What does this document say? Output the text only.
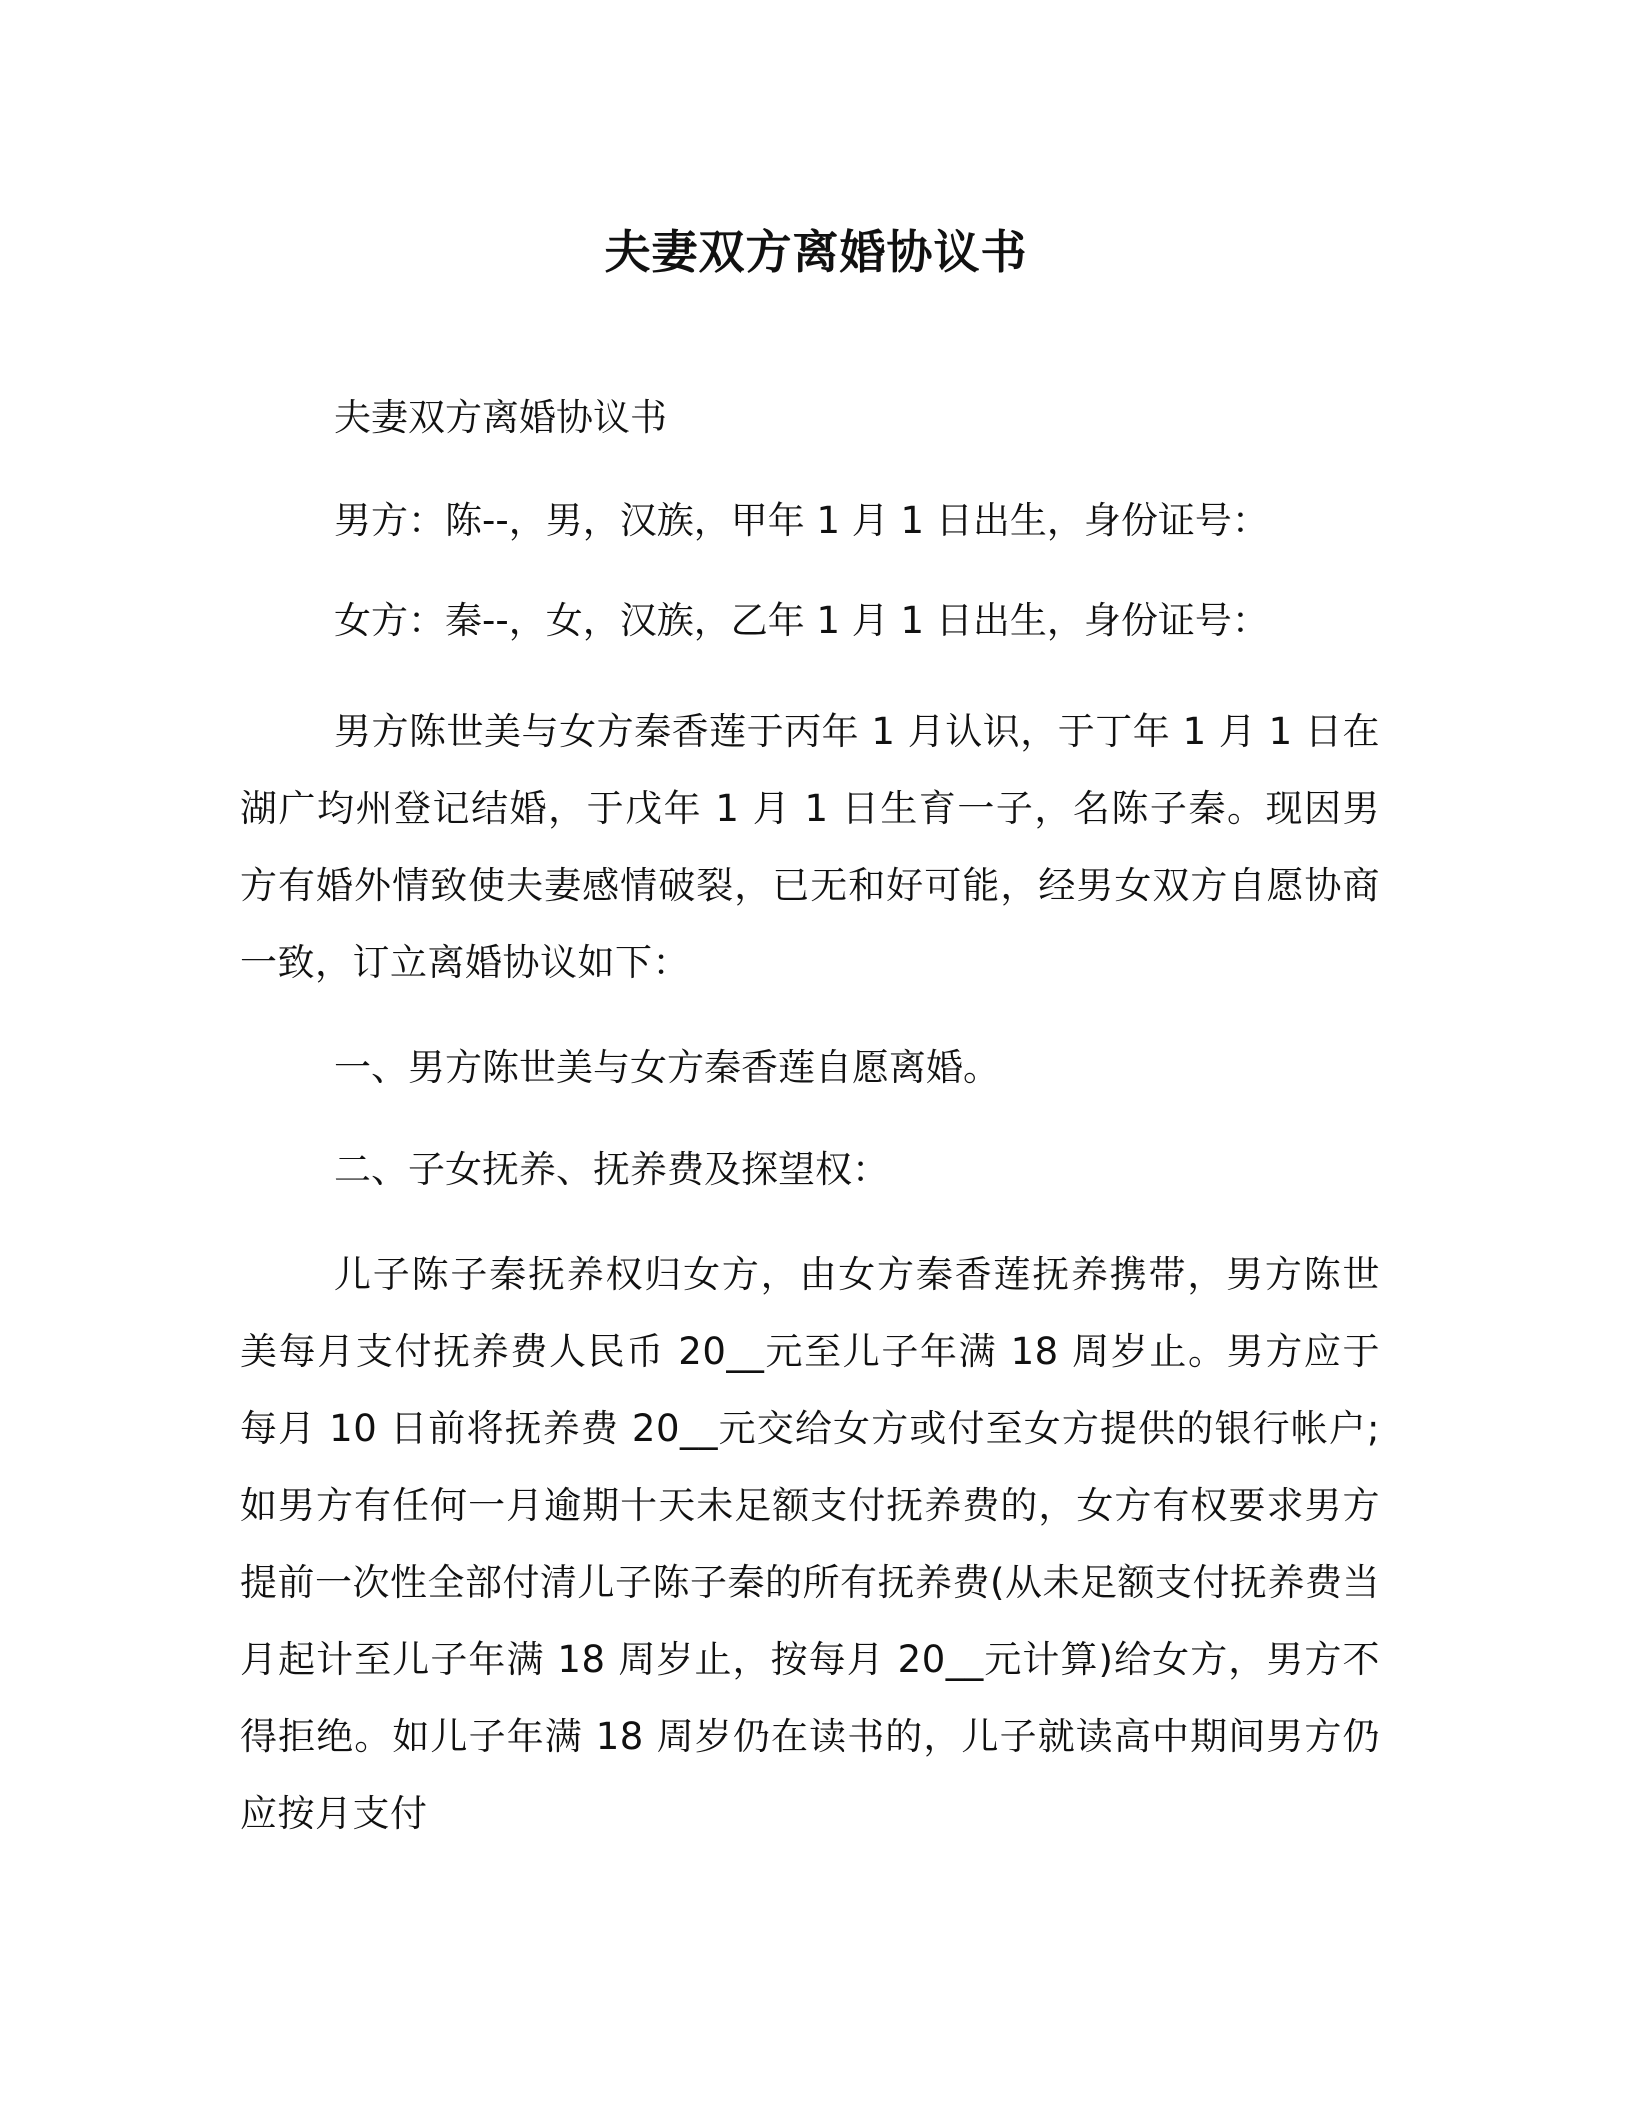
夫妻双方离婚协议书
夫妻双方离婚协议书
男方：陈--，男，汉族，甲年 1 月 1 日出生，身份证号：
女方：秦--，女，汉族，乙年 1 月 1 日出生，身份证号：
男方陈世美与女方秦香莲于丙年 1 月认识，于丁年 1 月 1 日在湖广均州登记结婚，于戊年 1 月 1 日生育一子，名陈子秦。现因男方有婚外情致使夫妻感情破裂，已无和好可能，经男女双方自愿协商一致，订立离婚协议如下：
一、男方陈世美与女方秦香莲自愿离婚。
二、子女抚养、抚养费及探望权：
儿子陈子秦抚养权归女方，由女方秦香莲抚养携带，男方陈世美每月支付抚养费人民币 20__元至儿子年满 18 周岁止。男方应于每月 10 日前将抚养费 20__元交给女方或付至女方提供的银行帐户;如男方有任何一月逾期十天未足额支付抚养费的，女方有权要求男方提前一次性全部付清儿子陈子秦的所有抚养费(从未足额支付抚养费当月起计至儿子年满 18 周岁止，按每月 20__元计算)给女方，男方不得拒绝。如儿子年满 18 周岁仍在读书的，儿子就读高中期间男方仍应按月支付
